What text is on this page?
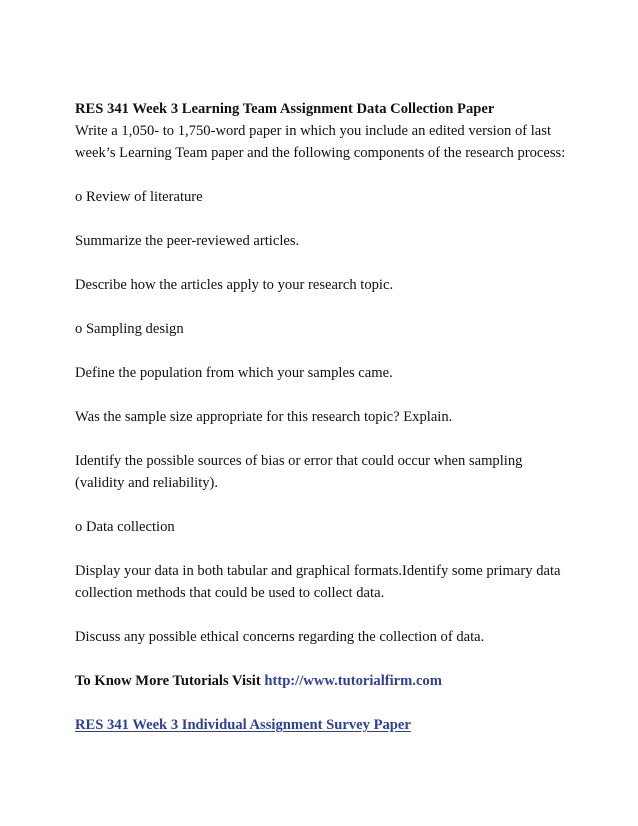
RES 341 Week 3 Learning Team Assignment Data Collection Paper
Write a 1,050- to 1,750-word paper in which you include an edited version of last week’s Learning Team paper and the following components of the research process:

o Review of literature

Summarize the peer-reviewed articles.

Describe how the articles apply to your research topic.

o Sampling design

Define the population from which your samples came.

Was the sample size appropriate for this research topic? Explain.

Identify the possible sources of bias or error that could occur when sampling (validity and reliability).

o Data collection

Display your data in both tabular and graphical formats.Identify some primary data collection methods that could be used to collect data.

Discuss any possible ethical concerns regarding the collection of data.

To Know More Tutorials Visit http://www.tutorialfirm.com

RES 341 Week 3 Individual Assignment Survey Paper
